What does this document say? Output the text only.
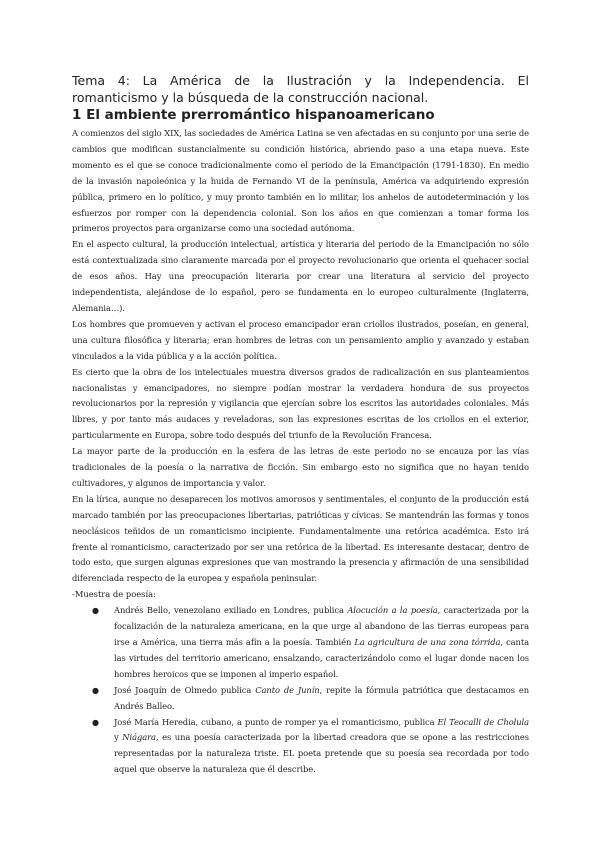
Tema 4: La América de la Ilustración y la Independencia. El romanticismo y la búsqueda de la construcción nacional.

1 El ambiente prerromántico hispanoamericano

A comienzos del siglo XIX, las sociedades de América Latina se ven afectadas en su conjunto por una serie de cambios que modifican sustancialmente su condición histórica, abriendo paso a una etapa nueva. Este momento es el que se conoce tradicionalmente como el periodo de la Emancipación (1791-1830). En medio de la invasión napoleónica y la huida de Fernando VI de la península, América va adquiriendo expresión pública, primero en lo político, y muy pronto también en lo militar, los anhelos de autodeterminación y los esfuerzos por romper con la dependencia colonial. Son los años en que comienzan a tomar forma los primeros proyectos para organizarse como una sociedad autónoma.

En el aspecto cultural, la producción intelectual, artística y literaria del periodo de la Emancipación no sólo está contextualizada sino claramente marcada por el proyecto revolucionario que orienta el quehacer social de esos años. Hay una preocupación literaria por crear una literatura al servicio del proyecto independentista, alejándose de lo español, pero se fundamenta en lo europeo culturalmente (Inglaterra, Alemania…).

Los hombres que promueven y activan el proceso emancipador eran criollos ilustrados, poseían, en general, una cultura filosófica y literaria; eran hombres de letras con un pensamiento amplio y avanzado y estaban vinculados a la vida pública y a la acción política.

Es cierto que la obra de los intelectuales muestra diversos grados de radicalización en sus planteamientos nacionalistas y emancipadores, no siempre podían mostrar la verdadera hondura de sus proyectos revolucionarios por la represión y vigilancia que ejercían sobre los escritos las autoridades coloniales. Más libres, y por tanto más audaces y reveladoras, son las expresiones escritas de los criollos en el exterior, particularmente en Europa, sobre todo después del triunfo de la Revolución Francesa.

La mayor parte de la producción en la esfera de las letras de este periodo no se encauza por las vías tradicionales de la poesía o la narrativa de ficción. Sin embargo esto no significa que no hayan tenido cultivadores, y algunos de importancia y valor.

En la lírica, aunque no desaparecen los motivos amorosos y sentimentales, el conjunto de la producción está marcado también por las preocupaciones libertarias, patrióticas y cívicas. Se mantendrán las formas y tonos neoclásicos teñidos de un romanticismo incipiente. Fundamentalmente una retórica académica. Esto irá frente al romanticismo, caracterizado por ser una retórica de la libertad. Es interesante destacar, dentro de todo esto, que surgen algunas expresiones que van mostrando la presencia y afirmación de una sensibilidad diferenciada respecto de la europea y española peninsular.

-Muestra de poesía:

● Andrés Bello, venezolano exiliado en Londres, publica Alocución a la poesía, caracterizada por la focalización de la naturaleza americana, en la que urge al abandono de las tierras europeas para irse a América, una tierra más afín a la poesía. También La agricultura de una zona tórrida, canta las virtudes del territorio americano, ensalzando, caracterizándolo como el lugar donde nacen los hombres heroicos que se imponen al imperio español.
● José Joaquín de Olmedo publica Canto de Junín, repite la fórmula patriótica que destacamos en Andrés Balleo.
● José María Heredia, cubano, a punto de romper ya el romanticismo, publica El Teocalli de Cholula y Niágara, es una poesía caracterizada por la libertad creadora que se opone a las restricciones representadas por la naturaleza triste. EL poeta pretende que su poesía sea recordada por todo aquel que observe la naturaleza que él describe.
